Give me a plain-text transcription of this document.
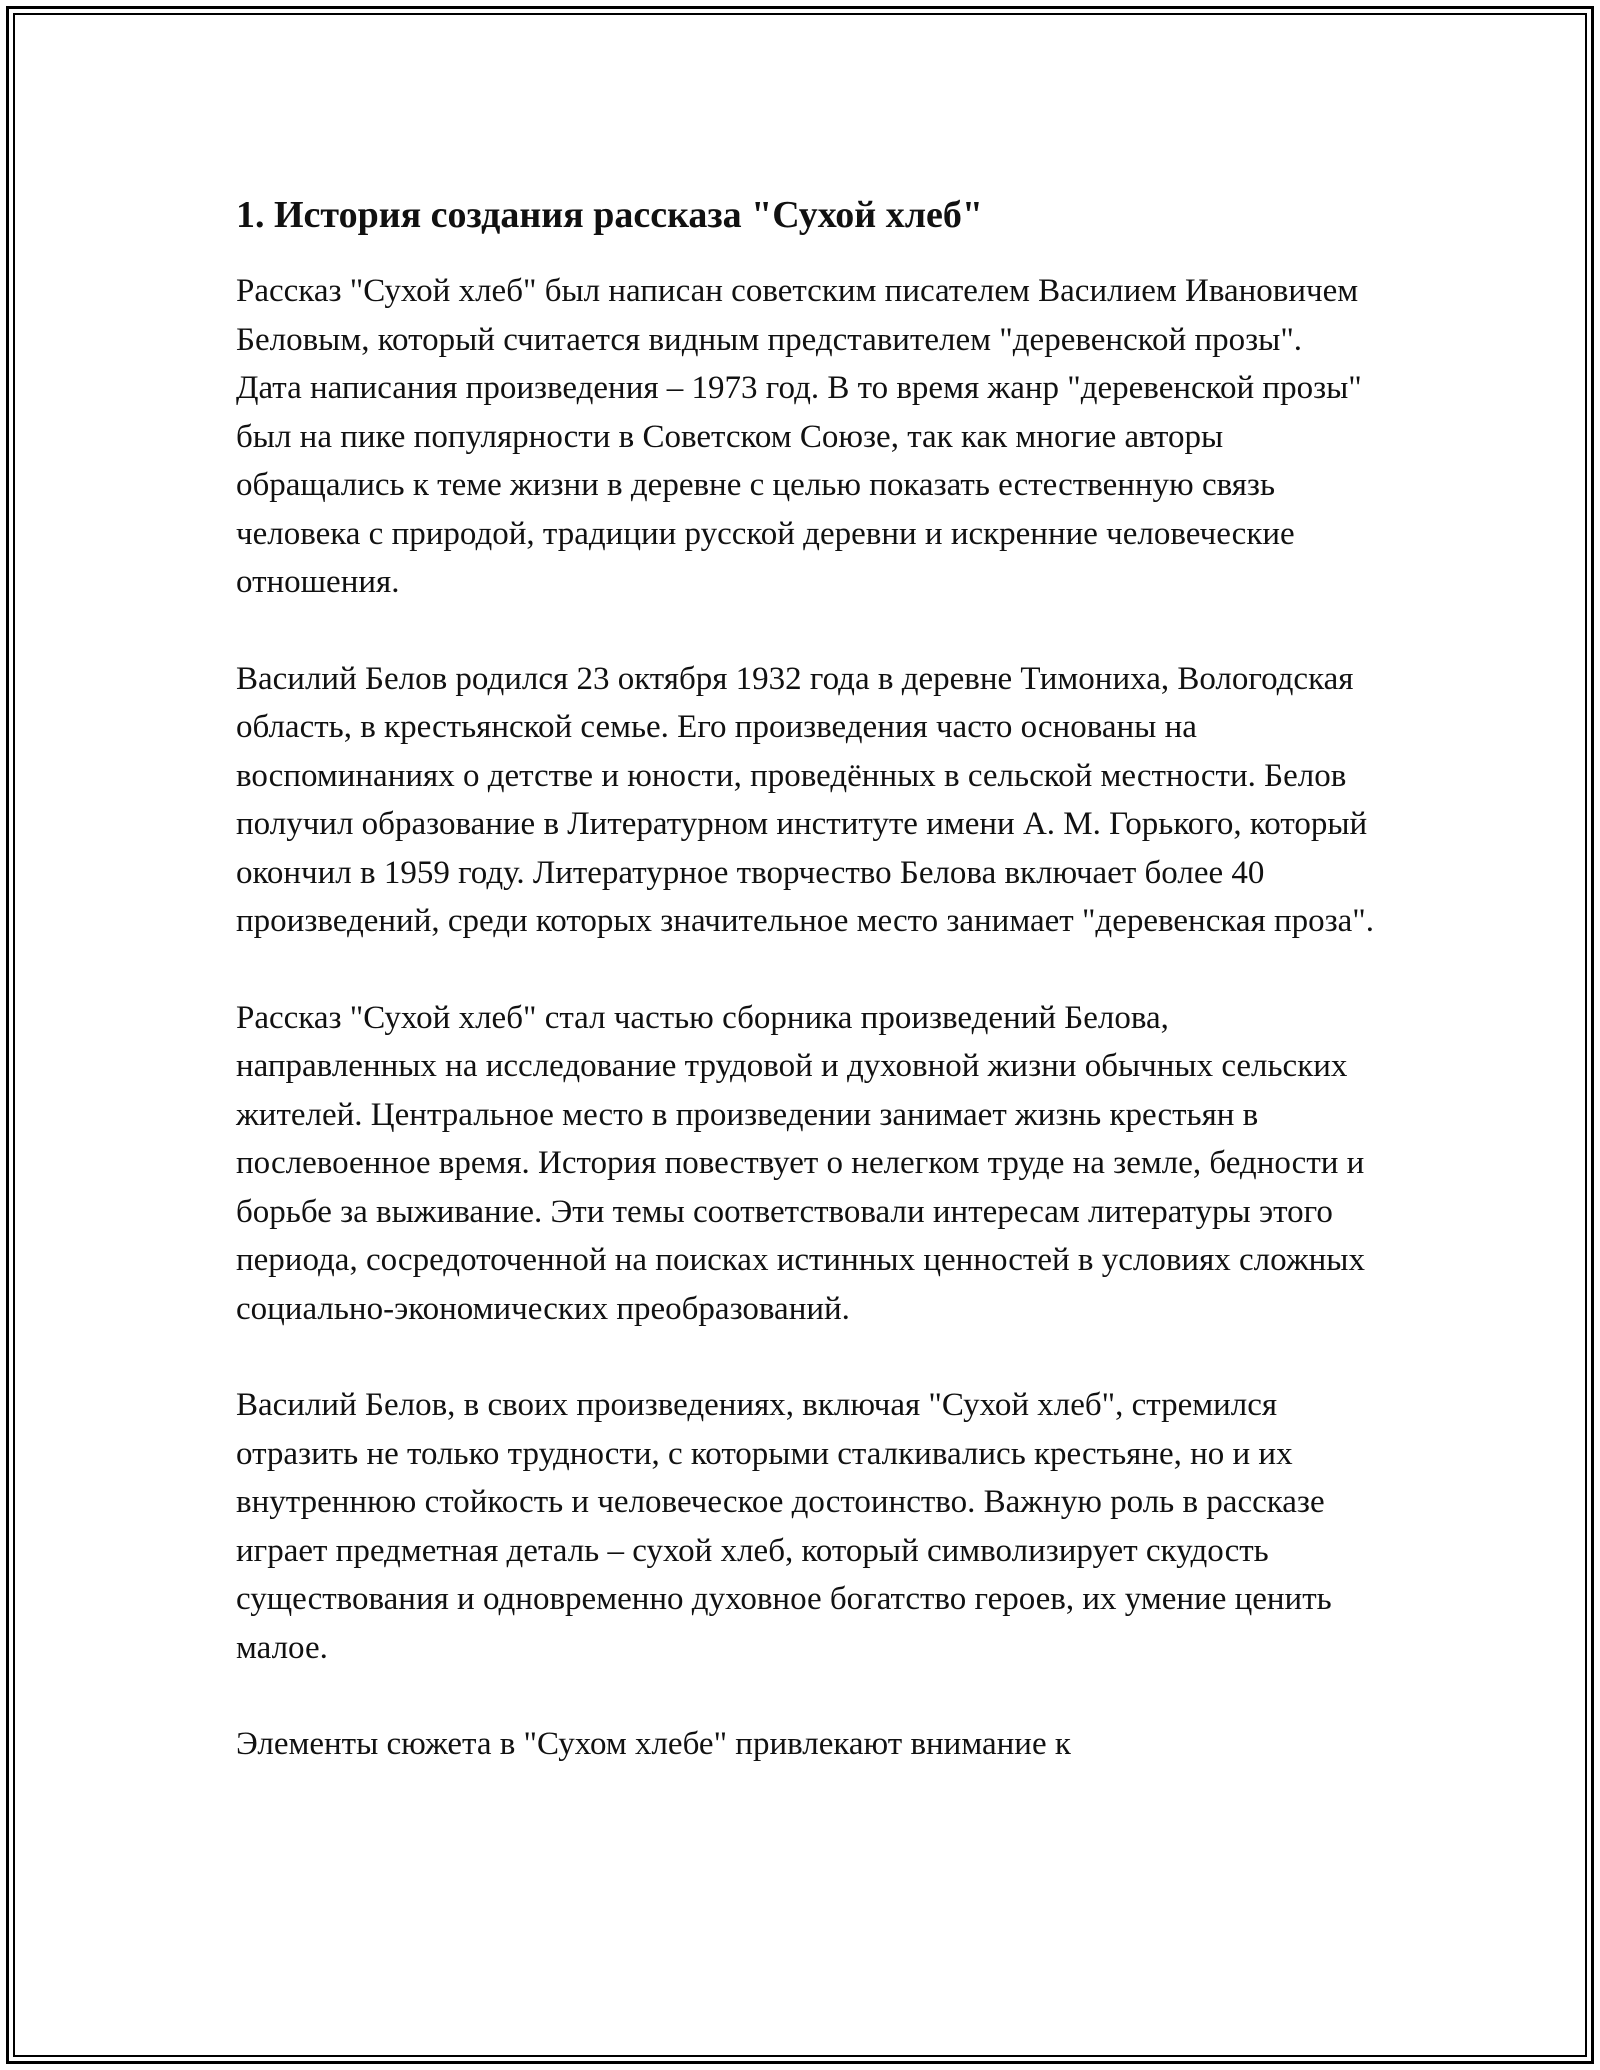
1. История создания рассказа "Сухой хлеб"

Рассказ "Сухой хлеб" был написан советским писателем Василием Ивановичем Беловым, который считается видным представителем "деревенской прозы". Дата написания произведения – 1973 год. В то время жанр "деревенской прозы" был на пике популярности в Советском Союзе, так как многие авторы обращались к теме жизни в деревне с целью показать естественную связь человека с природой, традиции русской деревни и искренние человеческие отношения.

Василий Белов родился 23 октября 1932 года в деревне Тимониха, Вологодская область, в крестьянской семье. Его произведения часто основаны на воспоминаниях о детстве и юности, проведённых в сельской местности. Белов получил образование в Литературном институте имени А. М. Горького, который окончил в 1959 году. Литературное творчество Белова включает более 40 произведений, среди которых значительное место занимает "деревенская проза".

Рассказ "Сухой хлеб" стал частью сборника произведений Белова, направленных на исследование трудовой и духовной жизни обычных сельских жителей. Центральное место в произведении занимает жизнь крестьян в послевоенное время. История повествует о нелегком труде на земле, бедности и борьбе за выживание. Эти темы соответствовали интересам литературы этого периода, сосредоточенной на поисках истинных ценностей в условиях сложных социально-экономических преобразований.

Василий Белов, в своих произведениях, включая "Сухой хлеб", стремился отразить не только трудности, с которыми сталкивались крестьяне, но и их внутреннюю стойкость и человеческое достоинство. Важную роль в рассказе играет предметная деталь – сухой хлеб, который символизирует скудость существования и одновременно духовное богатство героев, их умение ценить малое.

Элементы сюжета в "Сухом хлебе" привлекают внимание к
